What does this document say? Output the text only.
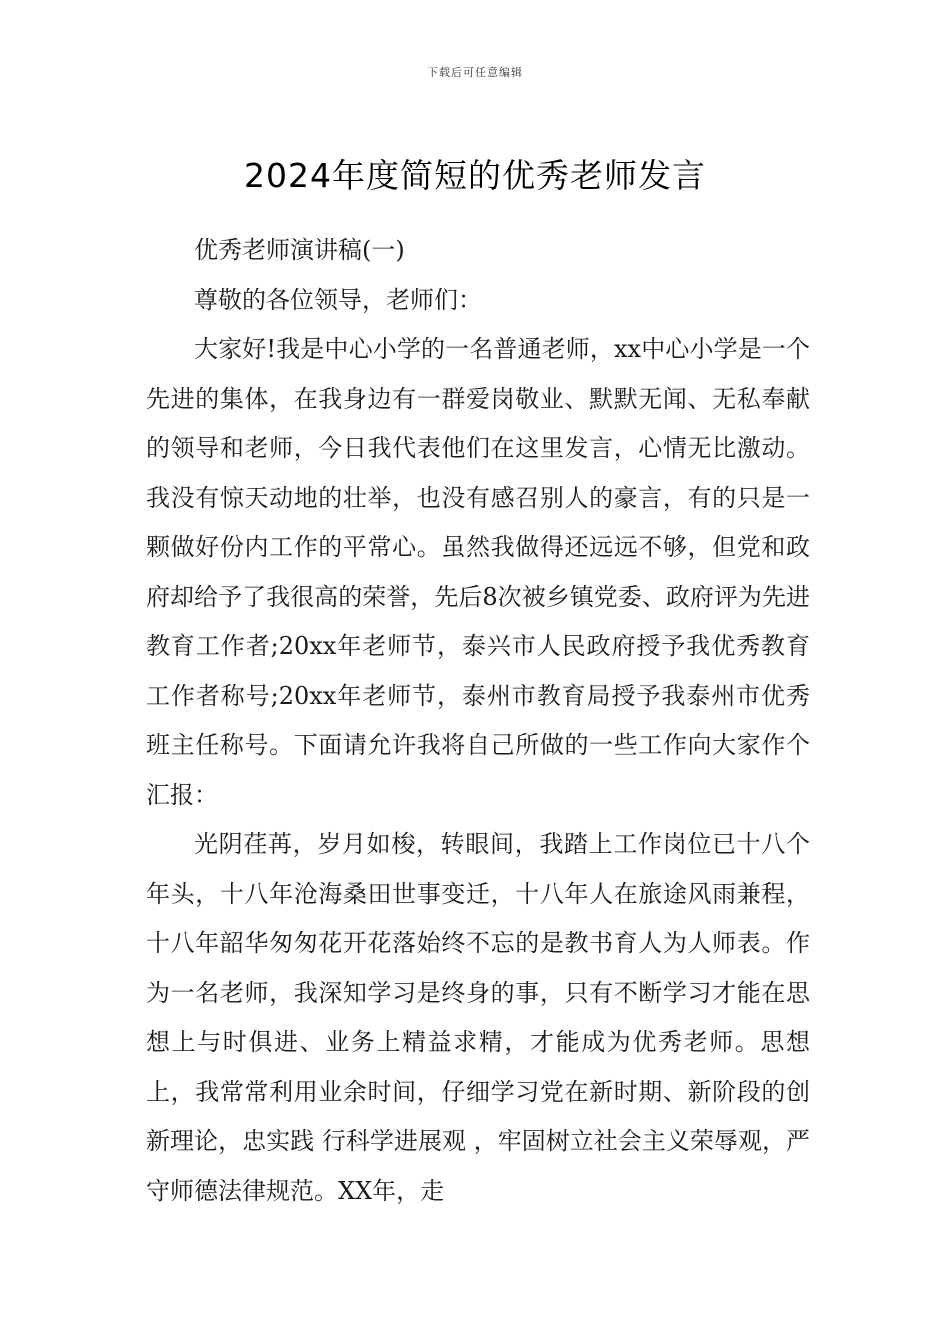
下载后可任意编辑
2024年度简短的优秀老师发言

优秀老师演讲稿(一)

尊敬的各位领导，老师们：

大家好!我是中心小学的一名普通老师，xx中心小学是一个先进的集体，在我身边有一群爱岗敬业、默默无闻、无私奉献的领导和老师，今日我代表他们在这里发言，心情无比激动。我没有惊天动地的壮举，也没有感召别人的豪言，有的只是一颗做好份内工作的平常心。虽然我做得还远远不够，但党和政府却给予了我很高的荣誉，先后8次被乡镇党委、政府评为先进教育工作者;20xx年老师节，泰兴市人民政府授予我优秀教育工作者称号;20xx年老师节，泰州市教育局授予我泰州市优秀班主任称号。下面请允许我将自己所做的一些工作向大家作个汇报：

光阴荏苒，岁月如梭，转眼间，我踏上工作岗位已十八个年头，十八年沧海桑田世事变迁，十八年人在旅途风雨兼程，十八年韶华匆匆花开花落始终不忘的是教书育人为人师表。作为一名老师，我深知学习是终身的事，只有不断学习才能在思想上与时俱进、业务上精益求精，才能成为优秀老师。思想上，我常常利用业余时间，仔细学习党在新时期、新阶段的创新理论，忠实践 行科学进展观 ，牢固树立社会主义荣辱观，严守师德法律规范。XX年，走
